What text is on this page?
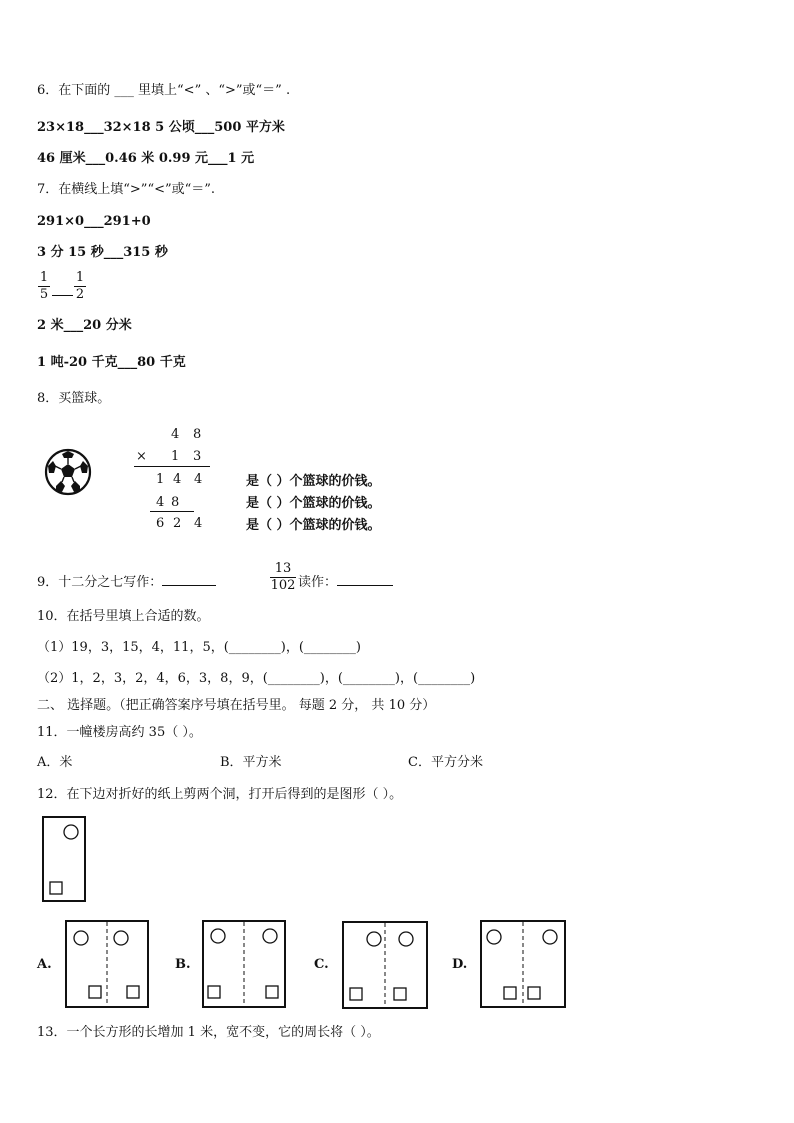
6．在下面的 ___ 里填上“<” 、“>”或“＝” .
23×18___32×18 5 公顷___500 平方米
46 厘米___0.46 米 0.99 元___1 元
7．在横线上填“>”“<”或“＝”.
291×0___291+0
3 分 15 秒___315 秒
1
5
1
2
2 米___20 分米
1 吨-20 千克___80 千克
8．买篮球。
4 8
× 1 3
1 4 4
4 8
6 2 4
是（ ）个篮球的价钱。
是（ ）个篮球的价钱。
是（ ）个篮球的价钱。
9．十二分之七写作：
13
102 读作：
10．在括号里填上合适的数。
（1）19，3，15，4，11，5，(________)，(________)
（2）1，2，3，2，4，6，3，8，9，(________)，(________)，(________)
二、 选择题。（把正确答案序号填在括号里。 每题 2 分， 共 10 分）
11．一幢楼房高约 35（ ）。
A．米	B．平方米	C．平方分米
12．在下边对折好的纸上剪两个洞，打开后得到的是图形（ ）。
A.	B.	C.	D.
13．一个长方形的长增加 1 米，宽不变，它的周长将（ ）。
